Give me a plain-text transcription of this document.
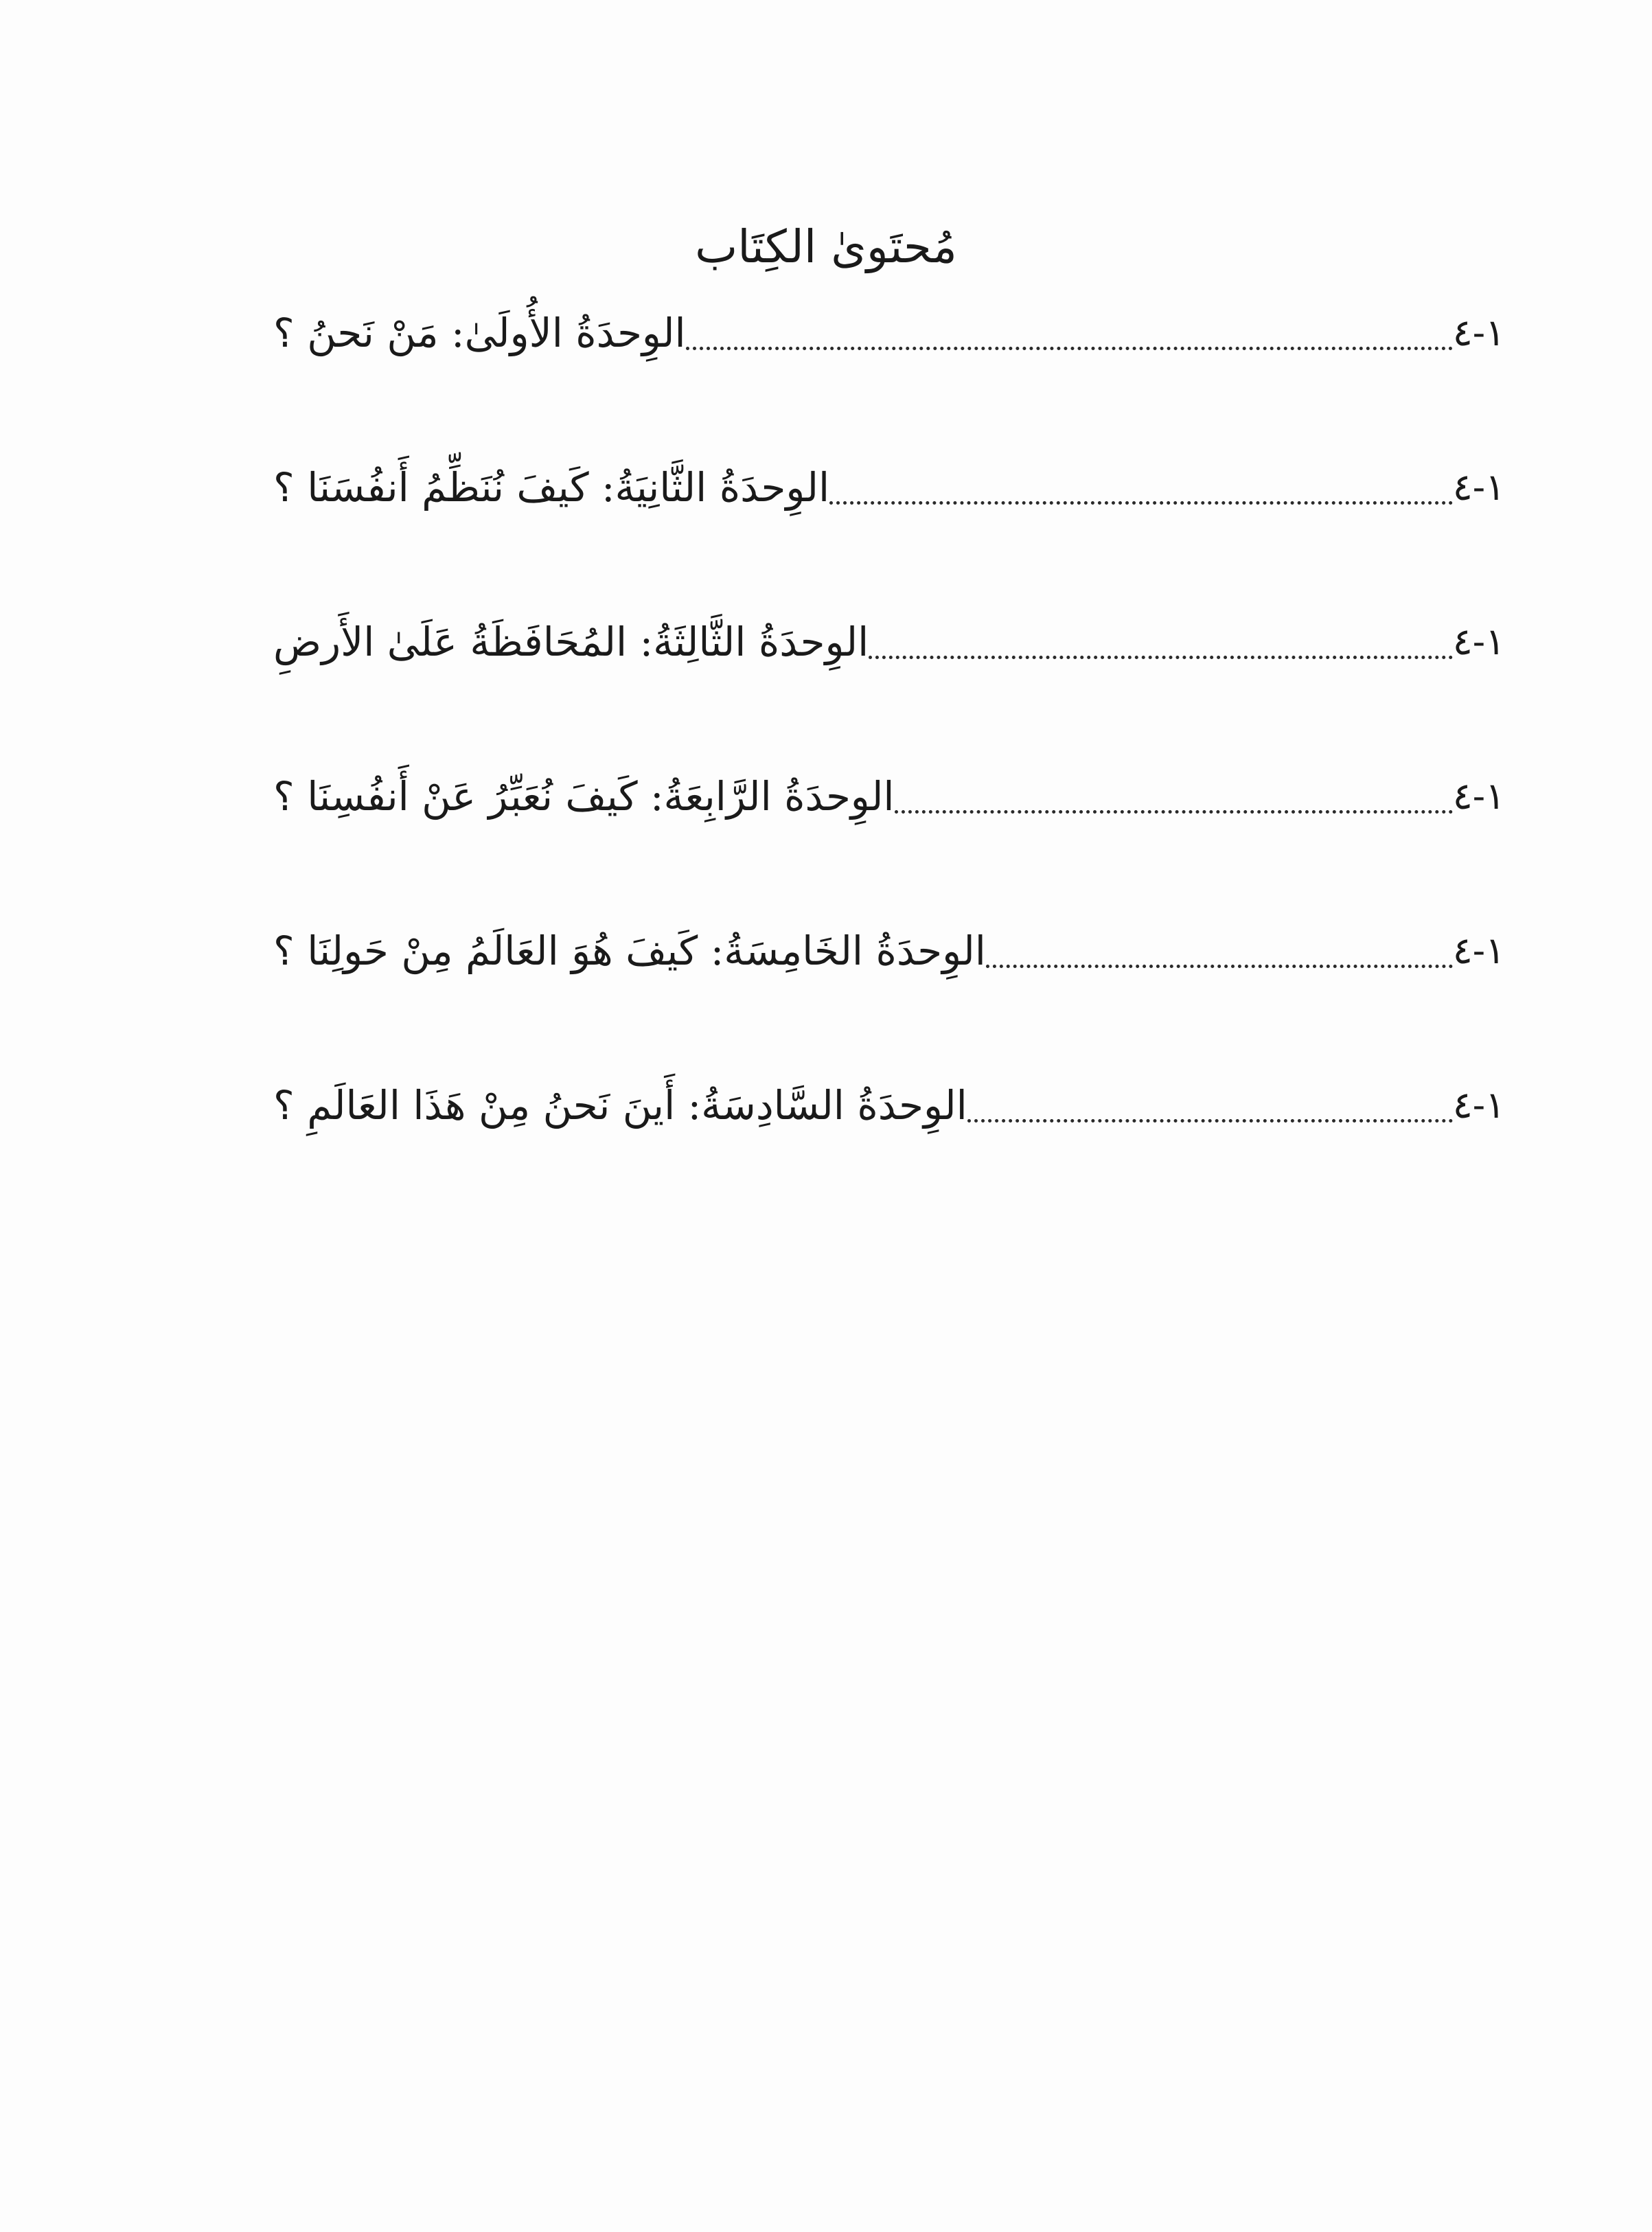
مُحتَوىٰ الكِتَاب
الوِحدَةُ الأُولَىٰ: مَنْ نَحنُ ؟	١-٤
الوِحدَةُ الثَّانِيَةُ: كَيفَ نُنَظِّمُ أَنفُسَنَا ؟	١-٤
الوِحدَةُ الثَّالِثَةُ: المُحَافَظَةُ عَلَىٰ الأَرضِ	١-٤
الوِحدَةُ الرَّابِعَةُ: كَيفَ نُعَبِّرُ عَنْ أَنفُسِنَا ؟	١-٤
الوِحدَةُ الخَامِسَةُ: كَيفَ هُوَ العَالَمُ مِنْ حَولِنَا ؟	١-٤
الوِحدَةُ السَّادِسَةُ: أَينَ نَحنُ مِنْ هَذَا العَالَمِ ؟	١-٤
